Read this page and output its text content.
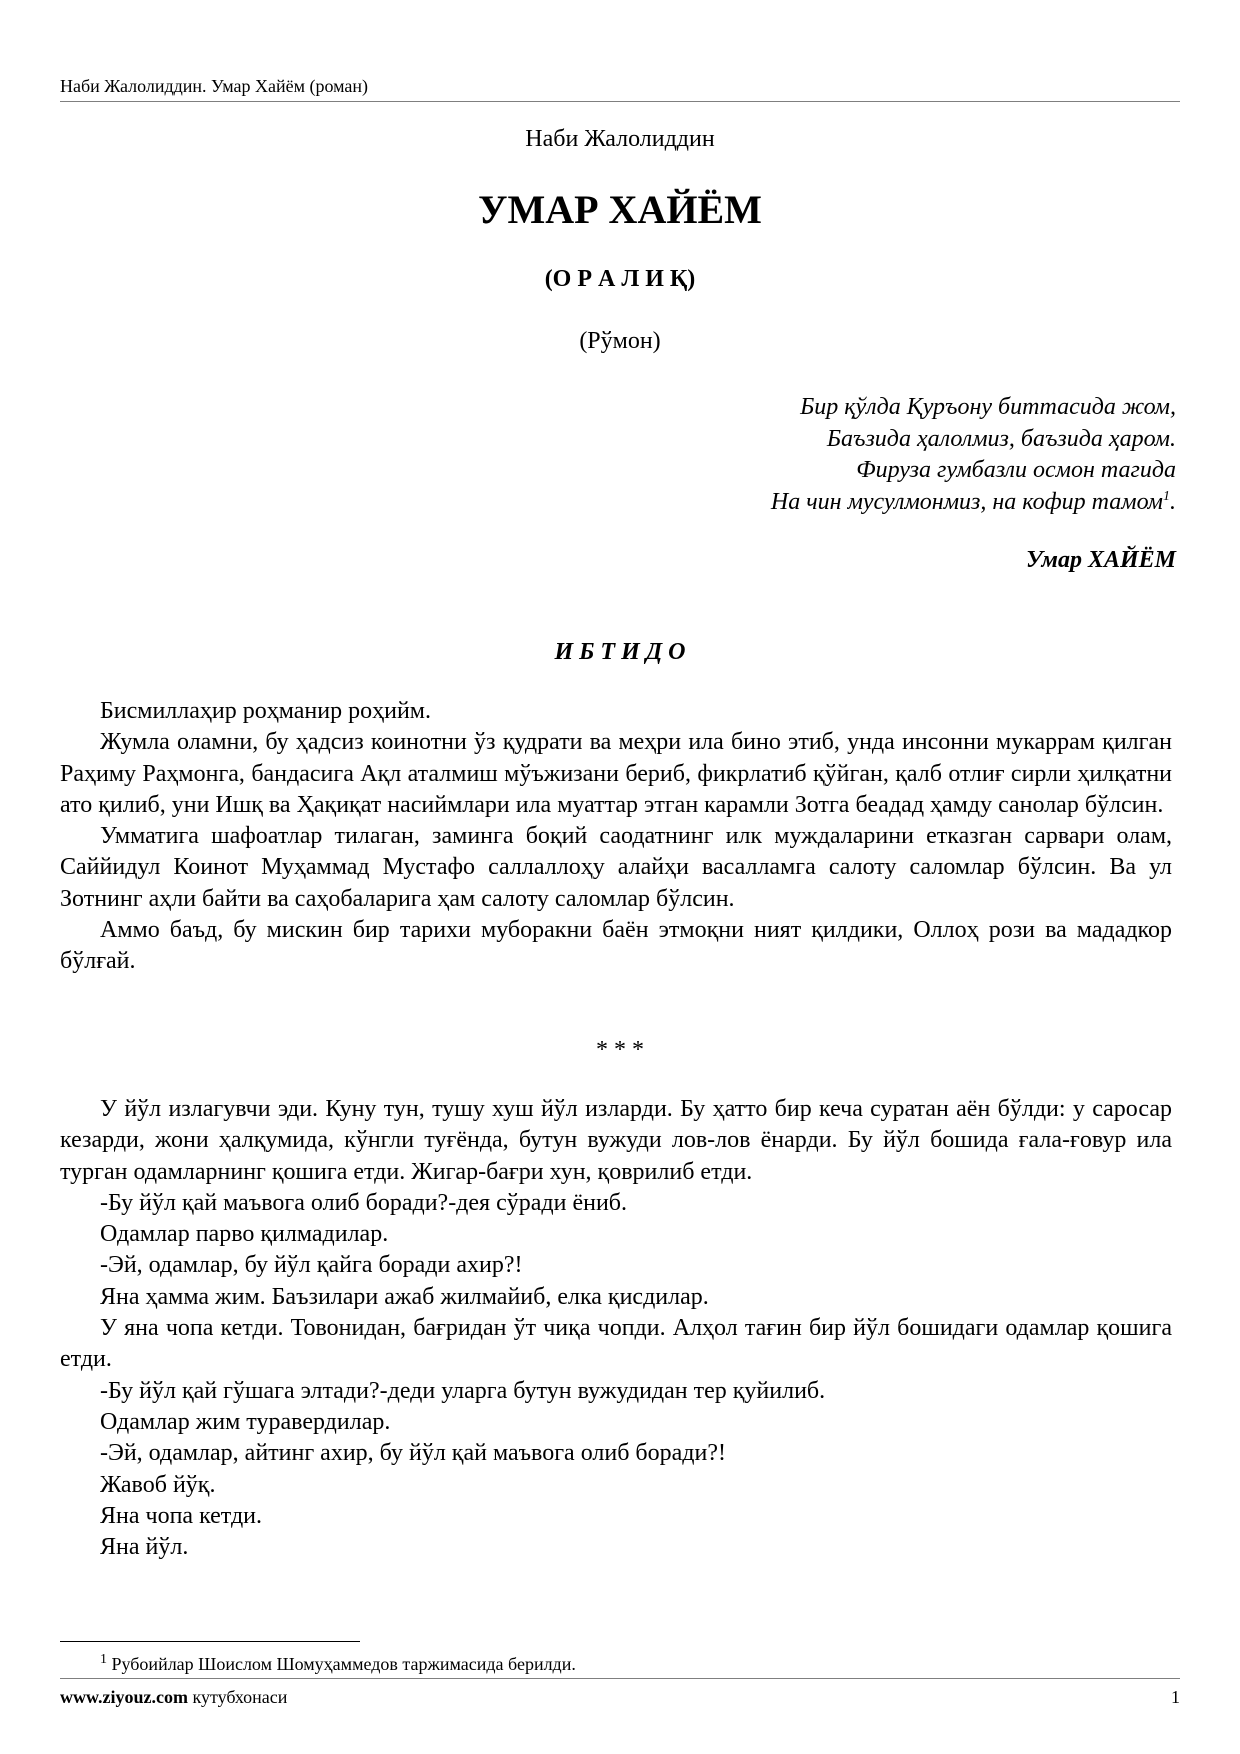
Наби Жалолиддин. Умар Хайём (роман)
Наби Жалолиддин
УМАР ХАЙЁМ
(О Р А Л И Қ)
(Рўмон)
Бир қўлда Қуръону биттасида жом,
Баъзида ҳалолмиз, баъзида ҳаром.
Фируза гумбазли осмон тагида
На чин мусулмонмиз, на кофир тамом$^1$.
Умар ХАЙЁМ
И Б Т И Д О

Бисмиллаҳир роҳманир роҳийм.

Жумла оламни, бу ҳадсиз коинотни ўз қудрати ва меҳри ила бино этиб, унда инсонни мукаррам қилган Раҳиму Раҳмонга, бандасига Ақл аталмиш мўъжизани бериб, фикрлатиб қўйган, қалб отлиғ сирли ҳилқатни ато қилиб, уни Ишқ ва Ҳақиқат насиймлари ила муаттар этган карамли Зотга беадад ҳамду санолар бўлсин.

Умматига шафоатлар тилаган, заминга боқий саодатнинг илк муждаларини етказган сарвари олам, Саййидул Коинот Муҳаммад Мустафо саллаллоҳу алайҳи васалламга салоту саломлар бўлсин. Ва ул Зотнинг аҳли байти ва саҳобаларига ҳам салоту саломлар бўлсин.

Аммо баъд, бу мискин бир тарихи муборакни баён этмоқни ният қилдики, Оллоҳ рози ва мададкор бўлғай.

* * *

У йўл излагувчи эди. Куну тун, тушу хуш йўл изларди. Бу ҳатто бир кеча суратан аён бўлди: у саросар кезарди, жони ҳалқумида, кўнгли туғёнда, бутун вужуди лов-лов ёнарди. Бу йўл бошида ғала-ғовур ила турган одамларнинг қошига етди. Жигар-бағри хун, қоврилиб етди.

-Бу йўл қай маъвога олиб боради?-дея сўради ёниб.

Одамлар парво қилмадилар.

-Эй, одамлар, бу йўл қайга боради ахир?!

Яна ҳамма жим. Баъзилари ажаб жилмайиб, елка қисдилар.

У яна чопа кетди. Товонидан, бағридан ўт чиқа чопди. Алҳол тағин бир йўл бошидаги одамлар қошига етди.

-Бу йўл қай гўшага элтади?-деди уларга бутун вужудидан тер қуйилиб.

Одамлар жим туравердилар.

-Эй, одамлар, айтинг ахир, бу йўл қай маъвога олиб боради?!

Жавоб йўқ.

Яна чопа кетди.

Яна йўл.

$^1$ Рубоийлар Шоислом Шомуҳаммедов таржимасида берилди.
www.ziyouz.com кутубхонаси	1
